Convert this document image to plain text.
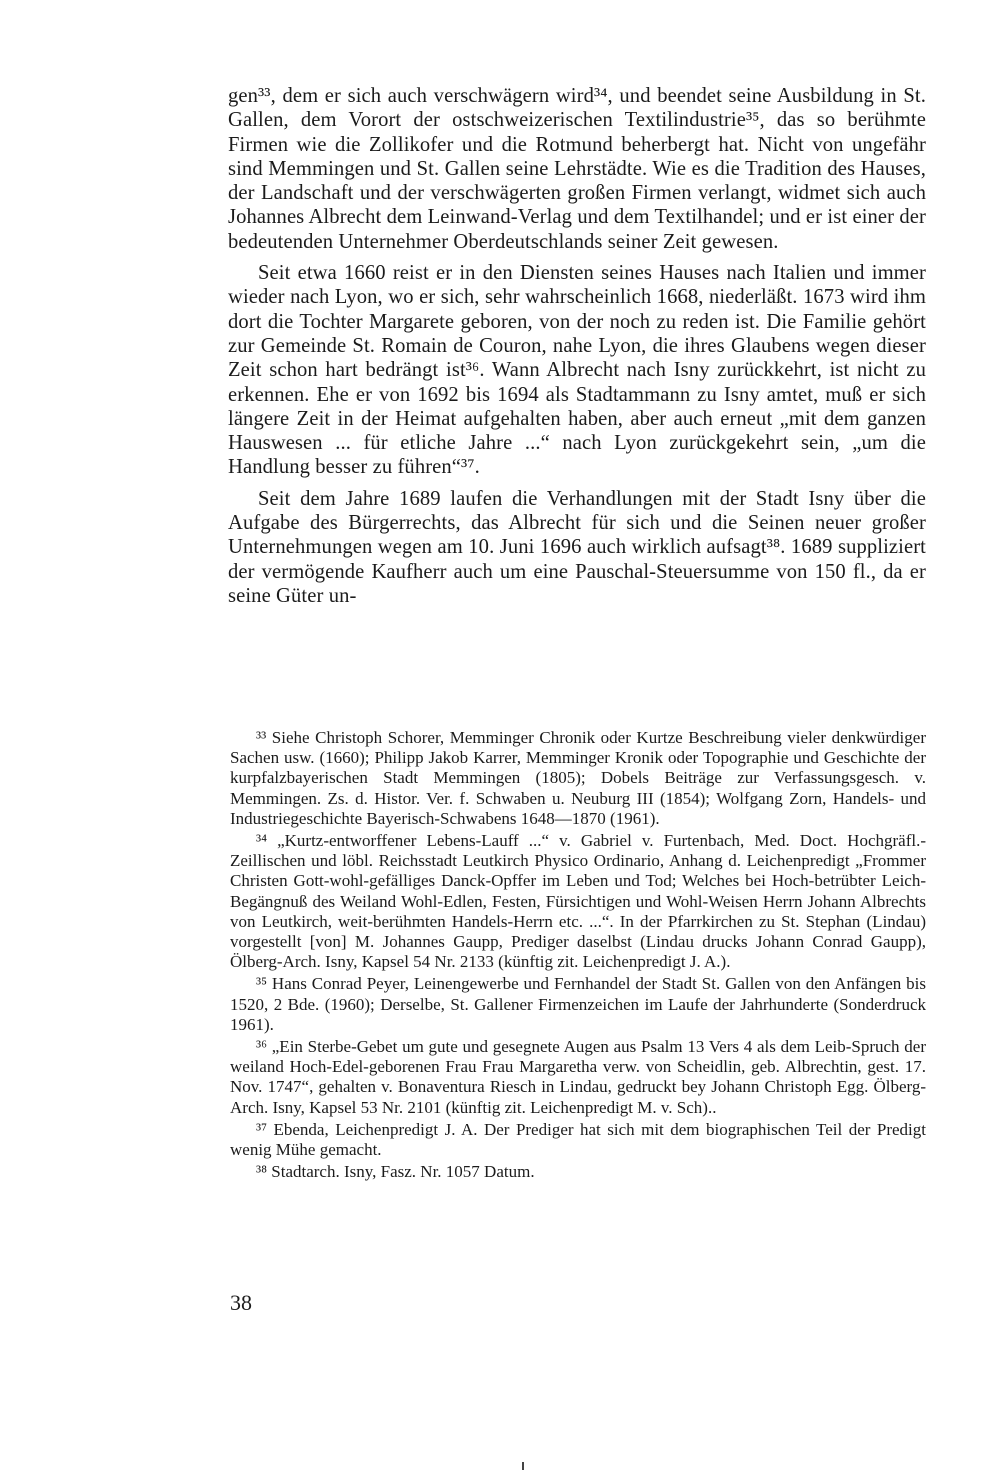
gen³³, dem er sich auch verschwägern wird³⁴, und beendet seine Ausbildung in St. Gallen, dem Vorort der ostschweizerischen Textilindustrie³⁵, das so berühmte Firmen wie die Zollikofer und die Rotmund beherbergt hat. Nicht von ungefähr sind Memmingen und St. Gallen seine Lehrstädte. Wie es die Tradition des Hauses, der Landschaft und der verschwägerten großen Firmen verlangt, widmet sich auch Johannes Albrecht dem Leinwand-Verlag und dem Textilhandel; und er ist einer der bedeutenden Unternehmer Oberdeutschlands seiner Zeit gewesen.

Seit etwa 1660 reist er in den Diensten seines Hauses nach Italien und immer wieder nach Lyon, wo er sich, sehr wahrscheinlich 1668, niederläßt. 1673 wird ihm dort die Tochter Margarete geboren, von der noch zu reden ist. Die Familie gehört zur Gemeinde St. Romain de Couron, nahe Lyon, die ihres Glaubens wegen dieser Zeit schon hart bedrängt ist³⁶. Wann Albrecht nach Isny zurückkehrt, ist nicht zu erkennen. Ehe er von 1692 bis 1694 als Stadtammann zu Isny amtet, muß er sich längere Zeit in der Heimat aufgehalten haben, aber auch erneut „mit dem ganzen Hauswesen ... für etliche Jahre ...“ nach Lyon zurückgekehrt sein, „um die Handlung besser zu führen“³⁷.

Seit dem Jahre 1689 laufen die Verhandlungen mit der Stadt Isny über die Aufgabe des Bürgerrechts, das Albrecht für sich und die Seinen neuer großer Unternehmungen wegen am 10. Juni 1696 auch wirklich aufsagt³⁸. 1689 suppliziert der vermögende Kaufherr auch um eine Pauschal-Steuersumme von 150 fl., da er seine Güter un-

³³ Siehe Christoph Schorer, Memminger Chronik oder Kurtze Beschreibung vieler denkwürdiger Sachen usw. (1660); Philipp Jakob Karrer, Memminger Kronik oder Topographie und Geschichte der kurpfalzbayerischen Stadt Memmingen (1805); Dobels Beiträge zur Verfassungsgesch. v. Memmingen. Zs. d. Histor. Ver. f. Schwaben u. Neuburg III (1854); Wolfgang Zorn, Handels- und Industriegeschichte Bayerisch-Schwabens 1648—1870 (1961).

³⁴ „Kurtz-entworffener Lebens-Lauff ...“ v. Gabriel v. Furtenbach, Med. Doct. Hochgräfl.-Zeillischen und löbl. Reichsstadt Leutkirch Physico Ordinario, Anhang d. Leichenpredigt „Frommer Christen Gott-wohl-gefälliges Danck-Opffer im Leben und Tod; Welches bei Hoch-betrübter Leich-Begängnuß des Weiland Wohl-Edlen, Festen, Fürsichtigen und Wohl-Weisen Herrn Johann Albrechts von Leutkirch, weit-berühmten Handels-Herrn etc. ...“. In der Pfarrkirchen zu St. Stephan (Lindau) vorgestellt [von] M. Johannes Gaupp, Prediger daselbst (Lindau drucks Johann Conrad Gaupp), Ölberg-Arch. Isny, Kapsel 54 Nr. 2133 (künftig zit. Leichenpredigt J. A.).

³⁵ Hans Conrad Peyer, Leinengewerbe und Fernhandel der Stadt St. Gallen von den Anfängen bis 1520, 2 Bde. (1960); Derselbe, St. Gallener Firmenzeichen im Laufe der Jahrhunderte (Sonderdruck 1961).

³⁶ „Ein Sterbe-Gebet um gute und gesegnete Augen aus Psalm 13 Vers 4 als dem Leib-Spruch der weiland Hoch-Edel-geborenen Frau Frau Margaretha verw. von Scheidlin, geb. Albrechtin, gest. 17. Nov. 1747“, gehalten v. Bonaventura Riesch in Lindau, gedruckt bey Johann Christoph Egg. Ölberg-Arch. Isny, Kapsel 53 Nr. 2101 (künftig zit. Leichenpredigt M. v. Sch)..

³⁷ Ebenda, Leichenpredigt J. A. Der Prediger hat sich mit dem biographischen Teil der Predigt wenig Mühe gemacht.

³⁸ Stadtarch. Isny, Fasz. Nr. 1057 Datum.

38
